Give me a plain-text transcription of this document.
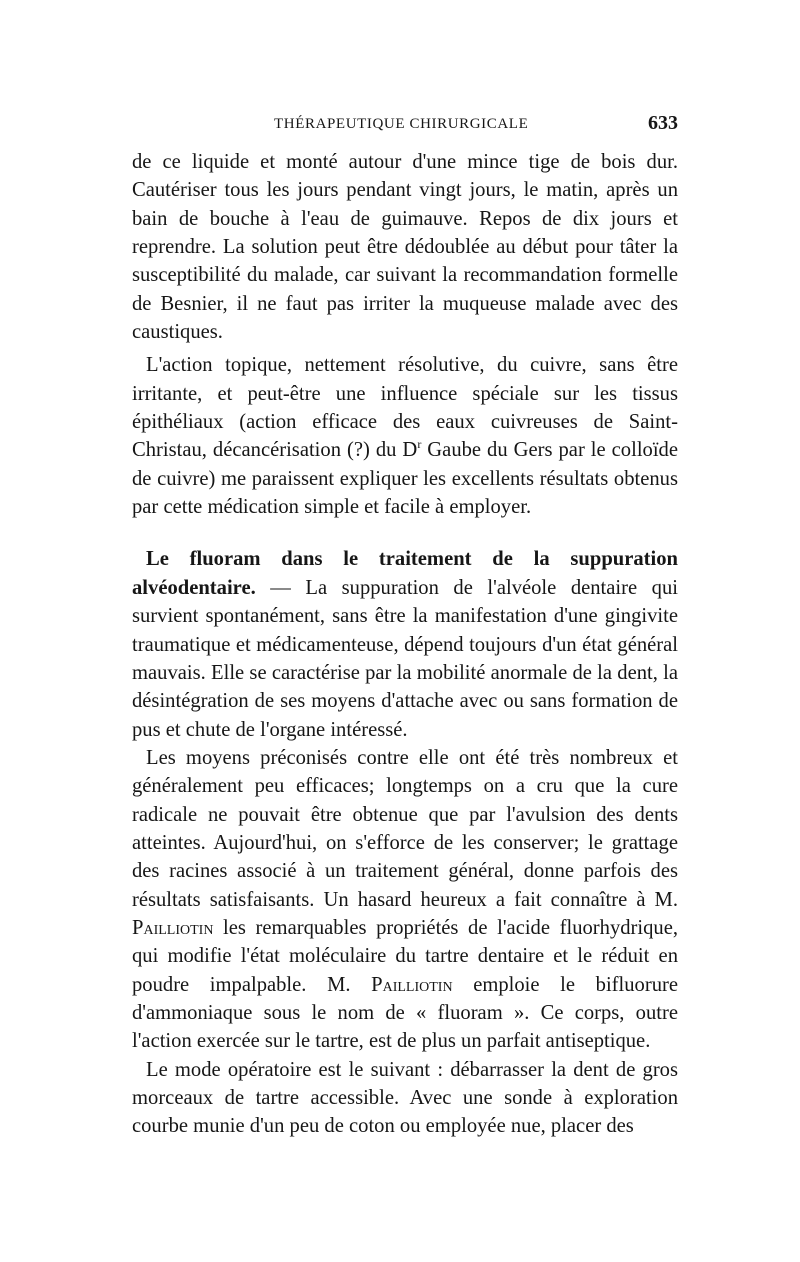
THÉRAPEUTIQUE CHIRURGICALE	633

de ce liquide et monté autour d'une mince tige de bois dur. Cautériser tous les jours pendant vingt jours, le matin, après un bain de bouche à l'eau de guimauve. Repos de dix jours et reprendre. La solution peut être dédoublée au début pour tâter la susceptibilité du malade, car suivant la recommandation formelle de Besnier, il ne faut pas irriter la muqueuse malade avec des caustiques.

L'action topique, nettement résolutive, du cuivre, sans être irritante, et peut-être une influence spéciale sur les tissus épithéliaux (action efficace des eaux cuivreuses de Saint-Christau, décancérisation (?) du $D^r$ Gaube du Gers par le colloïde de cuivre) me paraissent expliquer les excellents résultats obtenus par cette médication simple et facile à employer.

Le fluoram dans le traitement de la suppuration alvéodentaire. — La suppuration de l'alvéole dentaire qui survient spontanément, sans être la manifestation d'une gingivite traumatique et médicamenteuse, dépend toujours d'un état général mauvais. Elle se caractérise par la mobilité anormale de la dent, la désintégration de ses moyens d'attache avec ou sans formation de pus et chute de l'organe intéressé.

Les moyens préconisés contre elle ont été très nombreux et généralement peu efficaces; longtemps on a cru que la cure radicale ne pouvait être obtenue que par l'avulsion des dents atteintes. Aujourd'hui, on s'efforce de les conserver; le grattage des racines associé à un traitement général, donne parfois des résultats satisfaisants. Un hasard heureux a fait connaître à M. Pailliotin les remarquables propriétés de l'acide fluorhydrique, qui modifie l'état moléculaire du tartre dentaire et le réduit en poudre impalpable. M. Pailliotin emploie le bifluorure d'ammoniaque sous le nom de « fluoram ». Ce corps, outre l'action exercée sur le tartre, est de plus un parfait antiseptique.

Le mode opératoire est le suivant : débarrasser la dent de gros morceaux de tartre accessible. Avec une sonde à exploration courbe munie d'un peu de coton ou employée nue, placer des
